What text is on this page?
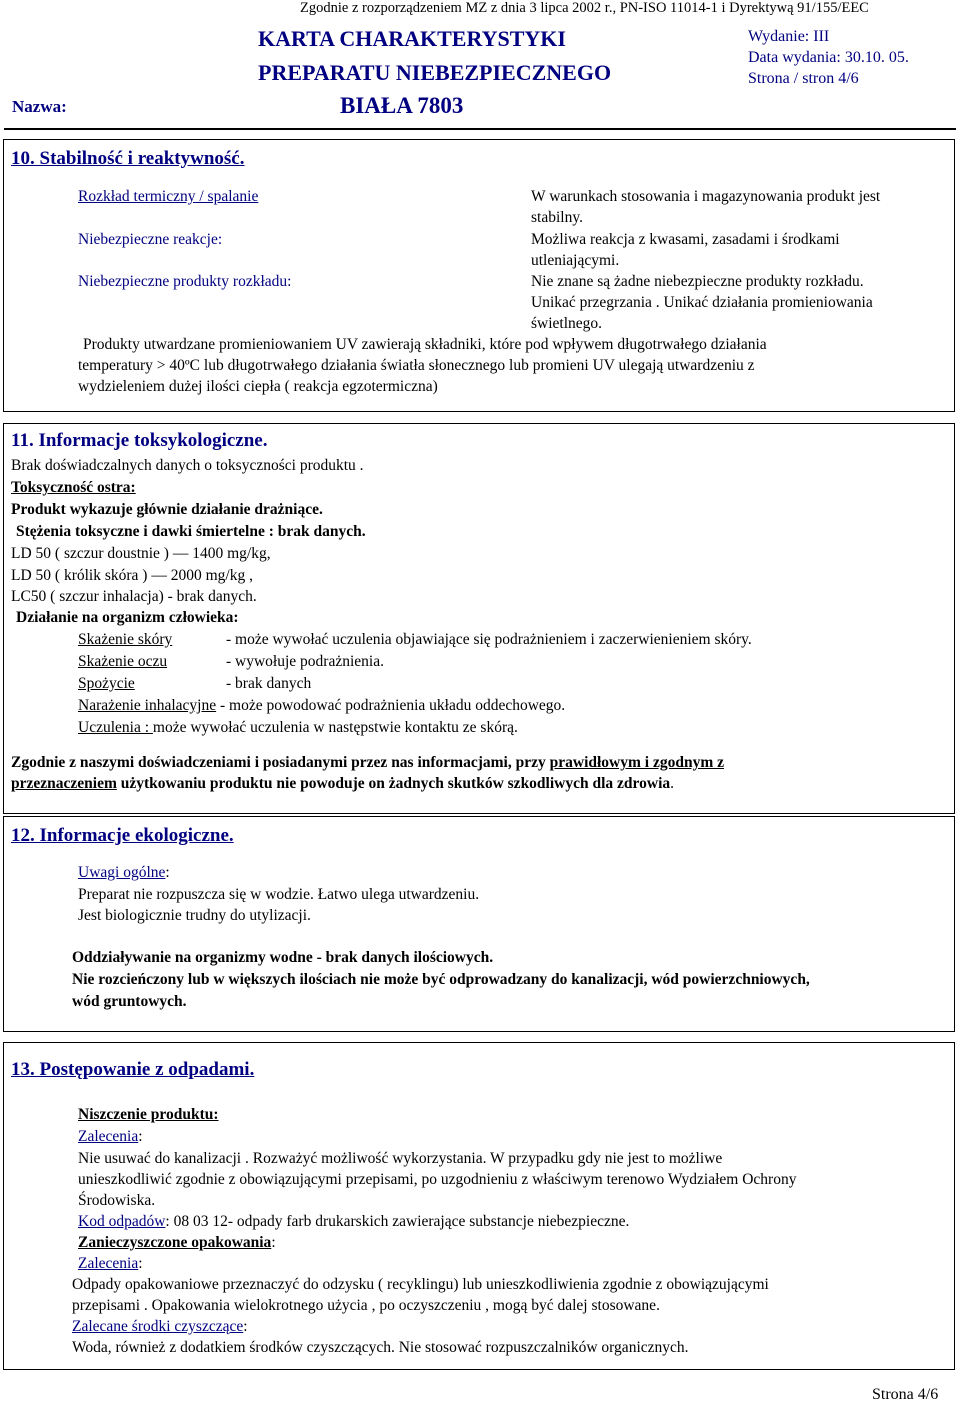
Zgodnie z rozporządzeniem MZ z dnia 3 lipca 2002 r., PN-ISO 11014-1 i Dyrektywą 91/155/EEC
KARTA CHARAKTERYSTYKI
PREPARATU NIEBEZPIECZNEGO
Wydanie: III
Data wydania: 30.10. 05.
Strona / stron 4/6
Nazwa:	BIAŁA 7803
10. Stabilność i reaktywność.
Rozkład termiczny / spalanie	W warunkach stosowania i magazynowania produkt jest
stabilny.
Niebezpieczne reakcje:	Możliwa reakcja z kwasami, zasadami i środkami
utleniającymi.
Niebezpieczne produkty rozkładu:	Nie znane są żadne niebezpieczne produkty rozkładu.
Unikać przegrzania . Unikać działania promieniowania
świetlnego.
Produkty utwardzane promieniowaniem UV zawierają składniki, które pod wpływem długotrwałego działania
temperatury > 40ºC lub długotrwałego działania światła słonecznego lub promieni UV ulegają utwardzeniu z
wydzieleniem dużej ilości ciepła ( reakcja egzotermiczna)
11. Informacje toksykologiczne.
Brak doświadczalnych danych o toksyczności produktu .
Toksyczność ostra:
Produkt wykazuje głównie działanie drażniące.
Stężenia toksyczne i dawki śmiertelne : brak danych.
LD 50 ( szczur doustnie ) — 1400 mg/kg,
LD 50 ( królik skóra ) — 2000 mg/kg ,
LC50 ( szczur inhalacja) - brak danych.
Działanie na organizm człowieka:
Skażenie skóry	- może wywołać uczulenia objawiające się podrażnieniem i zaczerwienieniem skóry.
Skażenie oczu	- wywołuje podrażnienia.
Spożycie	- brak danych
Narażenie inhalacyjne - może powodować podrażnienia układu oddechowego.
Uczulenia : może wywołać uczulenia w następstwie kontaktu ze skórą.
Zgodnie z naszymi doświadczeniami i posiadanymi przez nas informacjami, przy prawidłowym i zgodnym z
przeznaczeniem użytkowaniu produktu nie powoduje on żadnych skutków szkodliwych dla zdrowia.
12. Informacje ekologiczne.
Uwagi ogólne:
Preparat nie rozpuszcza się w wodzie. Łatwo ulega utwardzeniu.
Jest biologicznie trudny do utylizacji.
Oddziaływanie na organizmy wodne - brak danych ilościowych.
Nie rozcieńczony lub w większych ilościach nie może być odprowadzany do kanalizacji, wód powierzchniowych,
wód gruntowych.
13. Postępowanie z odpadami.
Niszczenie produktu:
Zalecenia:
Nie usuwać do kanalizacji . Rozważyć możliwość wykorzystania. W przypadku gdy nie jest to możliwe
unieszkodliwić zgodnie z obowiązującymi przepisami, po uzgodnieniu z właściwym terenowo Wydziałem Ochrony
Środowiska.
Kod odpadów: 08 03 12- odpady farb drukarskich zawierające substancje niebezpieczne.
Zanieczyszczone opakowania:
Zalecenia:
Odpady opakowaniowe przeznaczyć do odzysku ( recyklingu) lub unieszkodliwienia zgodnie z obowiązującymi
przepisami . Opakowania wielokrotnego użycia , po oczyszczeniu , mogą być dalej stosowane.
Zalecane środki czyszczące:
Woda, również z dodatkiem środków czyszczących. Nie stosować rozpuszczalników organicznych.
Strona 4/6
